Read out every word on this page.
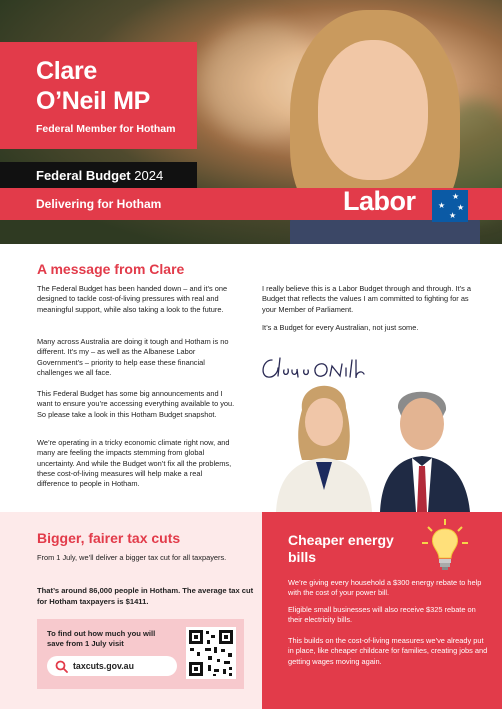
Clare
O’Neil MP
Federal Member for Hotham
Federal Budget 2024
Delivering for Hotham	Labor	★
★ ★
★
A message from Clare
The Federal Budget has been handed down – and it’s one designed to tackle cost-of-living pressures with real and meaningful support, while also taking a look to the future.
Many across Australia are doing it tough and Hotham is no different. It’s my – as well as the Albanese Labor Government’s – priority to help ease these financial challenges we all face.
This Federal Budget has some big announcements and I want to ensure you’re accessing everything available to you. So please take a look in this Hotham Budget snapshot.
We’re operating in a tricky economic climate right now, and many are feeling the impacts stemming from global uncertainty. And while the Budget won’t fix all the problems, these cost-of-living measures will help make a real difference to people in Hotham.
I really believe this is a Labor Budget through and through. It’s a Budget that reflects the values I am committed to fighting for as your Member of Parliament.
It’s a Budget for every Australian, not just some.
Bigger, fairer tax cuts
From 1 July, we’ll deliver a bigger tax cut for all taxpayers.
That’s around 86,000 people in Hotham. The average tax cut for Hotham taxpayers is $1411.
To find out how much you will save from 1 July visit
taxcuts.gov.au
Cheaper energy bills
We’re giving every household a $300 energy rebate to help with the cost of your power bill.
Eligible small businesses will also receive $325 rebate on their electricity bills.
This builds on the cost-of-living measures we’ve already put in place, like cheaper childcare for families, creating jobs and getting wages moving again.
